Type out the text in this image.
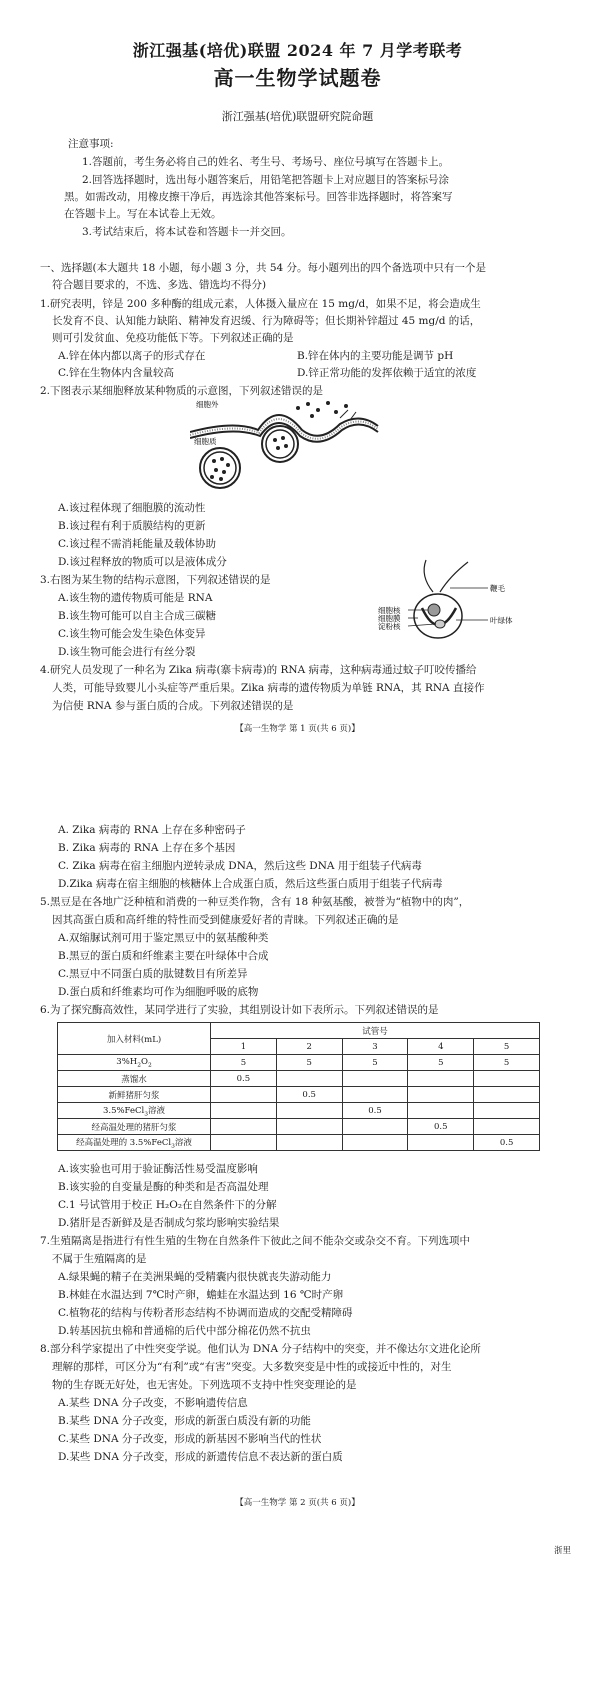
浙江强基(培优)联盟 2024 年 7 月学考联考
高一生物学试题卷
浙江强基(培优)联盟研究院命题
注意事项:
1.答题前，考生务必将自己的姓名、考生号、考场号、座位号填写在答题卡上。
2.回答选择题时，选出每小题答案后，用铅笔把答题卡上对应题目的答案标号涂
黑。如需改动，用橡皮擦干净后，再选涂其他答案标号。回答非选择题时，将答案写
在答题卡上。写在本试卷上无效。
3.考试结束后，将本试卷和答题卡一并交回。
一、选择题(本大题共 18 小题，每小题 3 分，共 54 分。每小题列出的四个备选项中只有一个是
符合题目要求的，不选、多选、错选均不得分)
1.研究表明，锌是 200 多种酶的组成元素，人体摄入量应在 15 mg/d，如果不足，将会造成生
长发育不良、认知能力缺陷、精神发育迟缓、行为障碍等；但长期补锌超过 45 mg/d 的话，
则可引发贫血、免疫功能低下等。下列叙述正确的是
A.锌在体内都以离子的形式存在	B.锌在体内的主要功能是调节 pH
C.锌在生物体内含量较高	D.锌正常功能的发挥依赖于适宜的浓度
2.下图表示某细胞释放某种物质的示意图，下列叙述错误的是
细胞外
细胞质
A.该过程体现了细胞膜的流动性
B.该过程有利于质膜结构的更新
C.该过程不需消耗能量及载体协助
D.该过程释放的物质可以是液体成分
3.右图为某生物的结构示意图，下列叙述错误的是
鞭毛
细胞核
细胞膜
淀粉核
叶绿体
A.该生物的遗传物质可能是 RNA
B.该生物可能可以自主合成三碳糖
C.该生物可能会发生染色体变异
D.该生物可能会进行有丝分裂
4.研究人员发现了一种名为 Zika 病毒(寨卡病毒)的 RNA 病毒，这种病毒通过蚊子叮咬传播给
人类，可能导致婴儿小头症等严重后果。Zika 病毒的遗传物质为单链 RNA，其 RNA 直接作
为信使 RNA 参与蛋白质的合成。下列叙述错误的是
【高一生物学 第 1 页(共 6 页)】
A. Zika 病毒的 RNA 上存在多种密码子
B. Zika 病毒的 RNA 上存在多个基因
C. Zika 病毒在宿主细胞内逆转录成 DNA，然后这些 DNA 用于组装子代病毒
D.Zika 病毒在宿主细胞的核糖体上合成蛋白质，然后这些蛋白质用于组装子代病毒
5.黑豆是在各地广泛种植和消费的一种豆类作物，含有 18 种氨基酸，被誉为“植物中的肉”，
因其高蛋白质和高纤维的特性而受到健康爱好者的青睐。下列叙述正确的是
A.双缩脲试剂可用于鉴定黑豆中的氨基酸种类
B.黑豆的蛋白质和纤维素主要在叶绿体中合成
C.黑豆中不同蛋白质的肽键数目有所差异
D.蛋白质和纤维素均可作为细胞呼吸的底物
6.为了探究酶高效性，某同学进行了实验，其组别设计如下表所示。下列叙述错误的是
加入材料(mL)	试管号				
	1	2	3	4	5
$3\%H_2O_2$	5	5	5	5	5
蒸馏水	0.5				
新鲜猪肝匀浆		0.5			
3.5%FeCl$_3$溶液			0.5		
经高温处理的猪肝匀浆				0.5	
经高温处理的 3.5%FeCl$_3$溶液					0.5
A.该实验也可用于验证酶活性易受温度影响
B.该实验的自变量是酶的种类和是否高温处理
C.1 号试管用于校正 H₂O₂在自然条件下的分解
D.猪肝是否新鲜及是否制成匀浆均影响实验结果
7.生殖隔离是指进行有性生殖的生物在自然条件下彼此之间不能杂交或杂交不育。下列选项中
不属于生殖隔离的是
A.绿果蝇的精子在美洲果蝇的受精囊内很快就丧失游动能力
B.林蛙在水温达到 7℃时产卵，蟾蛙在水温达到 16 ℃时产卵
C.植物花的结构与传粉者形态结构不协调而造成的交配受精障碍
D.转基因抗虫棉和普通棉的后代中部分棉花仍然不抗虫
8.部分科学家提出了中性突变学说。他们认为 DNA 分子结构中的突变，并不像达尔文进化论所
理解的那样，可区分为“有利”或“有害”突变。大多数突变是中性的或接近中性的，对生
物的生存既无好处，也无害处。下列选项不支持中性突变理论的是
A.某些 DNA 分子改变，不影响遗传信息
B.某些 DNA 分子改变，形成的新蛋白质没有新的功能
C.某些 DNA 分子改变，形成的新基因不影响当代的性状
D.某些 DNA 分子改变，形成的新遗传信息不表达新的蛋白质
【高一生物学 第 2 页(共 6 页)】
浙里
